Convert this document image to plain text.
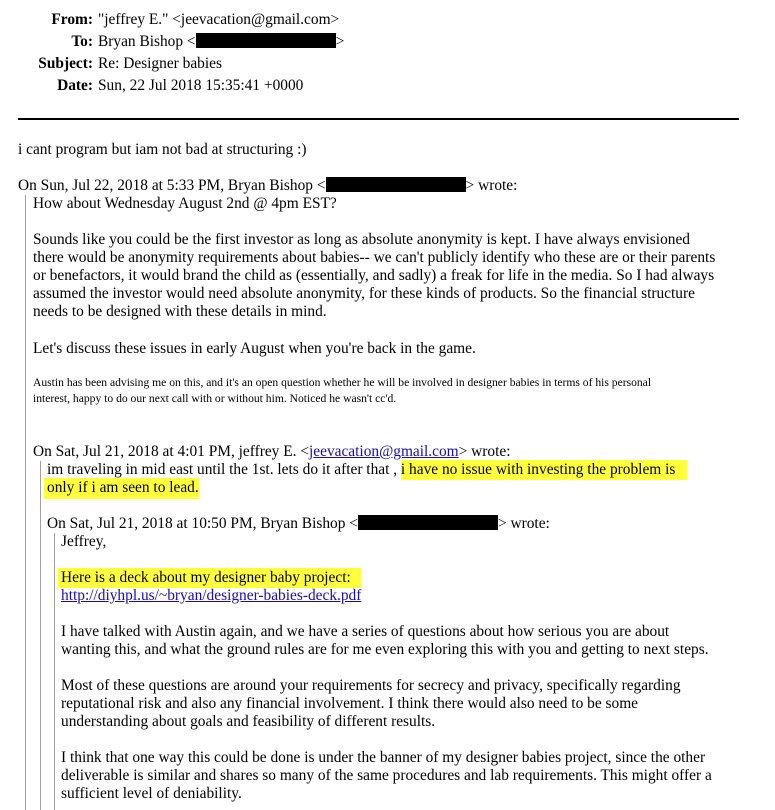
From: "jeffrey E." <jeevacation@gmail.com>
To: Bryan Bishop <	>
Subject: Re: Designer babies
Date: Sun, 22 Jul 2018 15:35:41 +0000
i cant program but iam not bad at structuring :)
On Sun, Jul 22, 2018 at 5:33 PM, Bryan Bishop <	> wrote:
How about Wednesday August 2nd @ 4pm EST?
Sounds like you could be the first investor as long as absolute anonymity is kept. I have always envisioned
there would be anonymity requirements about babies-- we can't publicly identify who these are or their parents
or benefactors, it would brand the child as (essentially, and sadly) a freak for life in the media. So I had always
assumed the investor would need absolute anonymity, for these kinds of products. So the financial structure
needs to be designed with these details in mind.
Let's discuss these issues in early August when you're back in the game.
Austin has been advising me on this, and it's an open question whether he will be involved in designer babies in terms of his personal
interest, happy to do our next call with or without him. Noticed he wasn't cc'd.
On Sat, Jul 21, 2018 at 4:01 PM, jeffrey E. <jeevacation@gmail.com> wrote:
im traveling in mid east until the 1st. lets do it after that , i have no issue with investing the problem is
only if i am seen to lead.
On Sat, Jul 21, 2018 at 10:50 PM, Bryan Bishop <	> wrote:
Jeffrey,
Here is a deck about my designer baby project:
http://diyhpl.us/~bryan/designer-babies-deck.pdf
I have talked with Austin again, and we have a series of questions about how serious you are about
wanting this, and what the ground rules are for me even exploring this with you and getting to next steps.
Most of these questions are around your requirements for secrecy and privacy, specifically regarding
reputational risk and also any financial involvement. I think there would also need to be some
understanding about goals and feasibility of different results.
I think that one way this could be done is under the banner of my designer babies project, since the other
deliverable is similar and shares so many of the same procedures and lab requirements. This might offer a
sufficient level of deniability.
